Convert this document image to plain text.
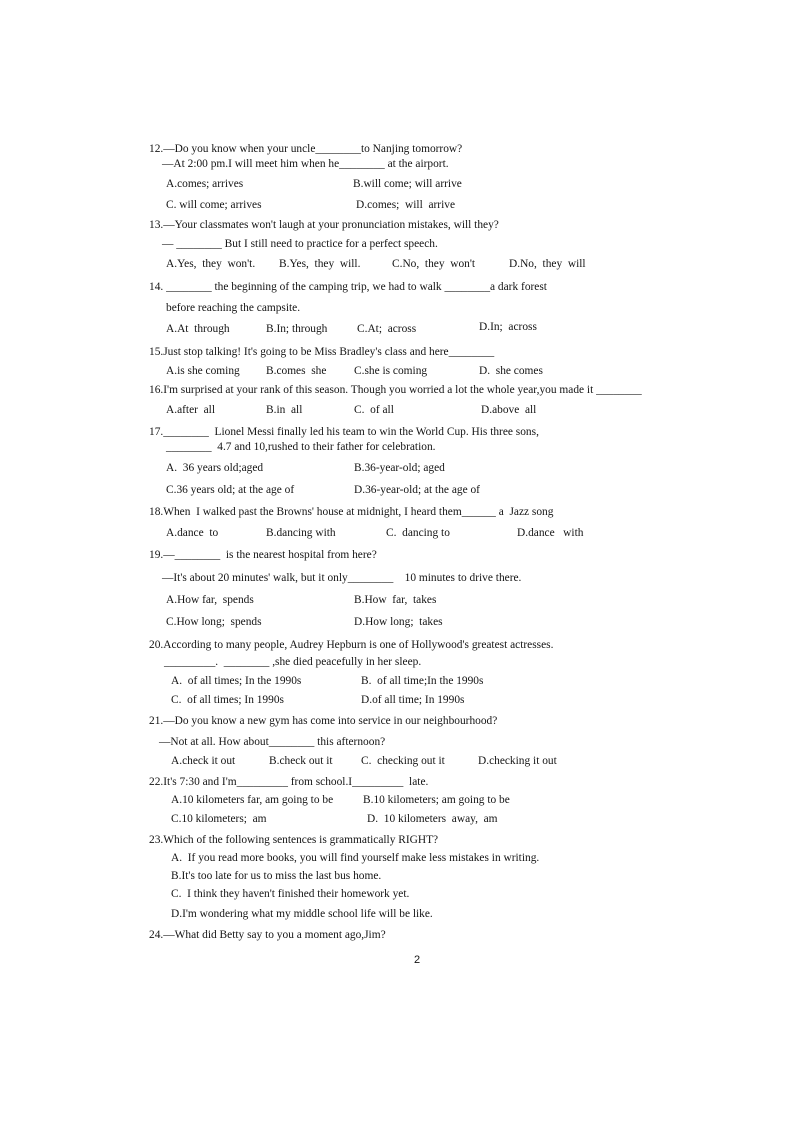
12.—Do you know when your uncle________to Nanjing tomorrow?
—At 2:00 pm.I will meet him when he________ at the airport.
A.comes; arrives	B.will come; will arrive
C. will come; arrives	D.comes;  will  arrive
13.—Your classmates won't laugh at your pronunciation mistakes, will they?
— ________ But I still need to practice for a perfect speech.
A.Yes,  they  won't. B.Yes,  they  will.	C.No,  they  won't	D.No,  they  will
14. ________ the beginning of the camping trip, we had to walk ________a dark forest
before reaching the campsite.
A.At  through	B.In; through	C.At;  across	D.In;  across
15.Just stop talking! It's going to be Miss Bradley's class and here________
A.is she coming B.comes  she C.she is coming	D.  she comes
16.I'm surprised at your rank of this season. Though you worried a lot the whole year,you made it ________
A.after  all	B.in  all	C.  of all	D.above  all
17.________  Lionel Messi finally led his team to win the World Cup. His three sons,
________  4.7 and 10,rushed to their father for celebration.
A.  36 years old;aged	B.36-year-old; aged
C.36 years old; at the age of	D.36-year-old; at the age of
18.When  I walked past the Browns' house at midnight, I heard them______ a  Jazz song
A.dance  to	B.dancing with	C.  dancing to	D.dance   with
19.—________  is the nearest hospital from here?
—It's about 20 minutes' walk, but it only________    10 minutes to drive there.
A.How far,  spends	B.How  far,  takes
C.How long;  spends	D.How long;  takes
20.According to many people, Audrey Hepburn is one of Hollywood's greatest actresses.
_________.  ________ ,she died peacefully in her sleep.
A.  of all times; In the 1990s	B.  of all time;In the 1990s
C.  of all times; In 1990s	D.of all time; In 1990s
21.—Do you know a new gym has come into service in our neighbourhood?
—Not at all. How about________ this afternoon?
A.check it out	B.check out it C.  checking out it	D.checking it out
22.It's 7:30 and I'm_________ from school.I_________  late.
A.10 kilometers far, am going to be	B.10 kilometers; am going to be
C.10 kilometers;  am	D.  10 kilometers  away,  am
23.Which of the following sentences is grammatically RIGHT?
A.  If you read more books, you will find yourself make less mistakes in writing.
B.It's too late for us to miss the last bus home.
C.  I think they haven't finished their homework yet.
D.I'm wondering what my middle school life will be like.
24.—What did Betty say to you a moment ago,Jim?
2
